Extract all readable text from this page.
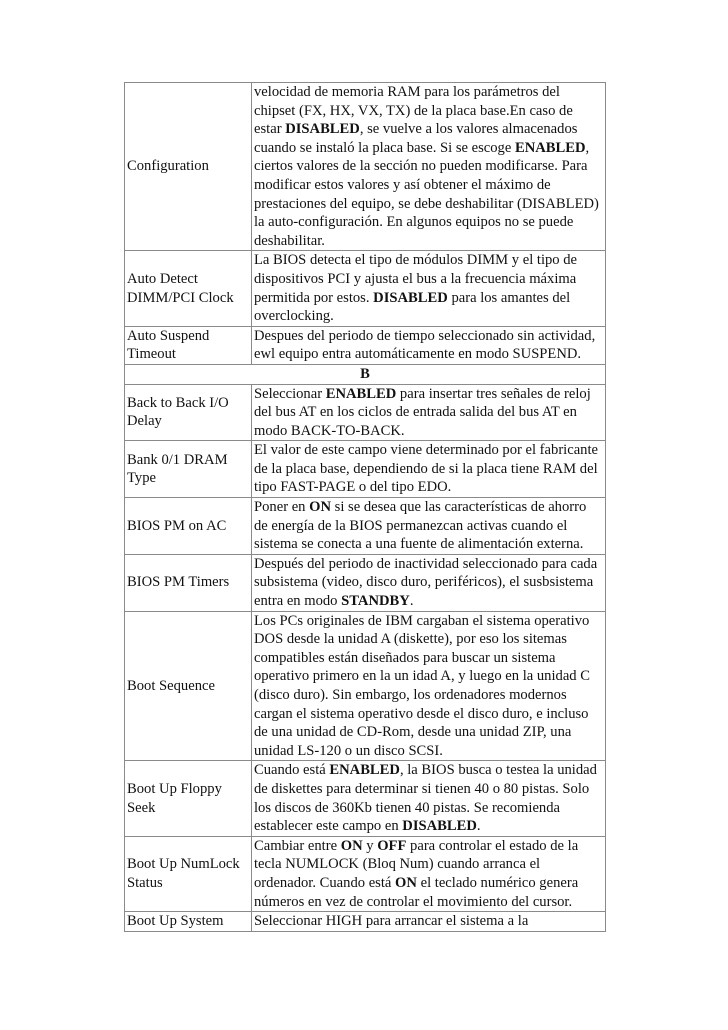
Configuration	velocidad de memoria RAM para los parámetros del chipset (FX, HX, VX, TX) de la placa base.En caso de estar DISABLED, se vuelve a los valores almacenados cuando se instaló la placa base. Si se escoge ENABLED, ciertos valores de la sección no pueden modificarse. Para modificar estos valores y así obtener el máximo de prestaciones del equipo, se debe deshabilitar (DISABLED) la auto-configuración. En algunos equipos no se puede deshabilitar.
Auto Detect DIMM/PCI Clock	La BIOS detecta el tipo de módulos DIMM y el tipo de dispositivos PCI y ajusta el bus a la frecuencia máxima permitida por estos. DISABLED para los amantes del overclocking.
Auto Suspend Timeout	Despues del periodo de tiempo seleccionado sin actividad, ewl equipo entra automáticamente en modo SUSPEND.
B	
Back to Back I/O Delay	Seleccionar ENABLED para insertar tres señales de reloj del bus AT en los ciclos de entrada salida del bus AT en modo BACK-TO-BACK.
Bank 0/1 DRAM Type	El valor de este campo viene determinado por el fabricante de la placa base, dependiendo de si la placa tiene RAM del tipo FAST-PAGE o del tipo EDO.
BIOS PM on AC	Poner en ON si se desea que las características de ahorro de energía de la BIOS permanezcan activas cuando el sistema se conecta a una fuente de alimentación externa.
BIOS PM Timers	Después del periodo de inactividad seleccionado para cada subsistema (video, disco duro, periféricos), el susbsistema entra en modo STANDBY.
Boot Sequence	Los PCs originales de IBM cargaban el sistema operativo DOS desde la unidad A (diskette), por eso los sitemas compatibles están diseñados para buscar un sistema operativo primero en la un idad A, y luego en la unidad C (disco duro). Sin embargo, los ordenadores modernos cargan el sistema operativo desde el disco duro, e incluso de una unidad de CD-Rom, desde una unidad ZIP, una unidad LS-120 o un disco SCSI.
Boot Up Floppy Seek	Cuando está ENABLED, la BIOS busca o testea la unidad de diskettes para determinar si tienen 40 o 80 pistas. Solo los discos de 360Kb tienen 40 pistas. Se recomienda establecer este campo en DISABLED.
Boot Up NumLock Status	Cambiar entre ON y OFF para controlar el estado de la tecla NUMLOCK (Bloq Num) cuando arranca el ordenador. Cuando está ON el teclado numérico genera números en vez de controlar el movimiento del cursor.
Boot Up System	Seleccionar HIGH para arrancar el sistema a la
